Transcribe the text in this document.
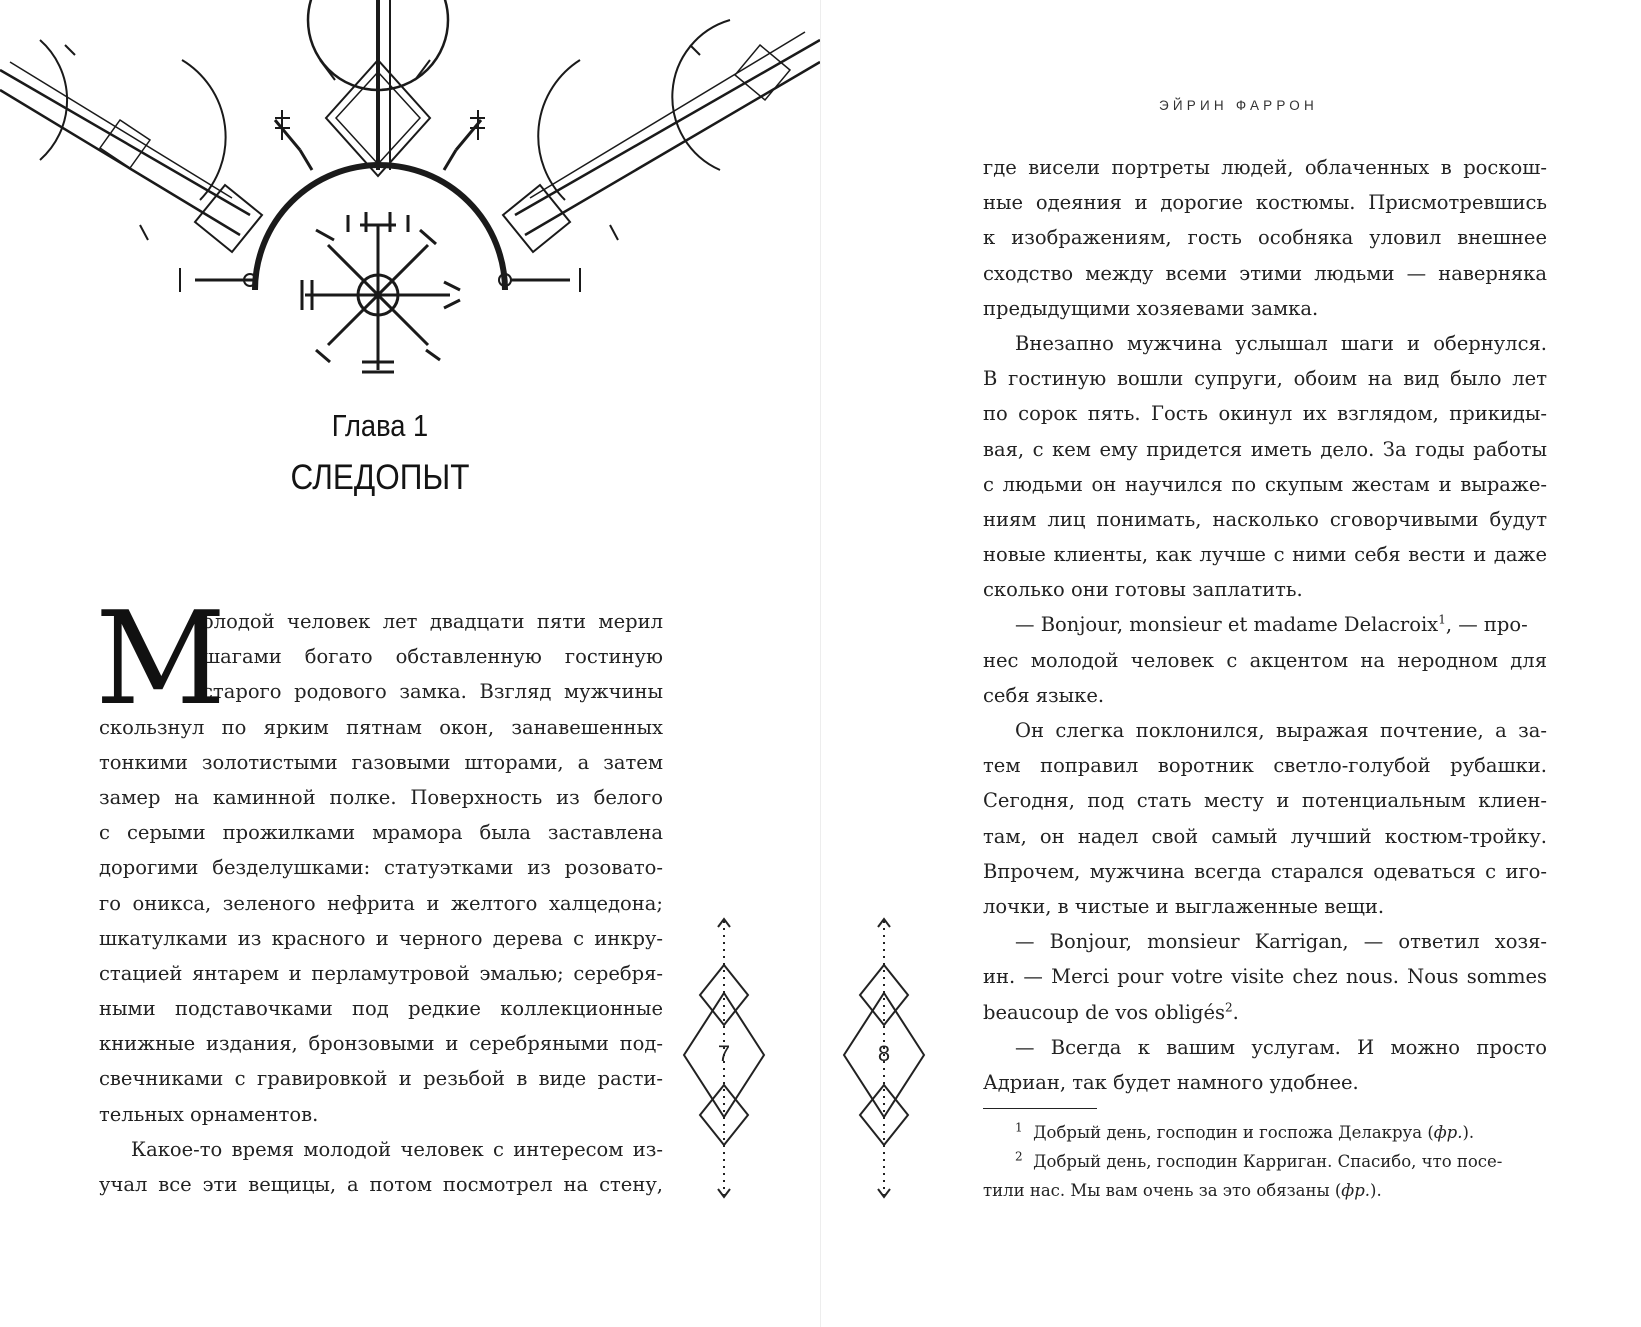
Глава 1
СЛЕДОПЫТ
М
олодой человек лет двадцати пяти мерил
шагами богато обставленную гостиную
старого родового замка. Взгляд мужчины
скользнул по ярким пятнам окон, занавешенных
тонкими золотистыми газовыми шторами, а затем
замер на каминной полке. Поверхность из белого
с серыми прожилками мрамора была заставлена
дорогими безделушками: статуэтками из розовато-
го оникса, зеленого нефрита и желтого халцедона;
шкатулками из красного и черного дерева с инкру-
стацией янтарем и перламутровой эмалью; серебря-
ными подставочками под редкие коллекционные
книжные издания, бронзовыми и серебряными под-
свечниками с гравировкой и резьбой в виде расти-
тельных орнаментов.
Какое-то время молодой человек с интересом из-
учал все эти вещицы, а потом посмотрел на стену,
7
ЭЙРИН ФАРРОН
где висели портреты людей, облаченных в роскош-
ные одеяния и дорогие костюмы. Присмотревшись
к изображениям, гость особняка уловил внешнее
сходство между всеми этими людьми — наверняка
предыдущими хозяевами замка.
Внезапно мужчина услышал шаги и обернулся.
В гостиную вошли супруги, обоим на вид было лет
по сорок пять. Гость окинул их взглядом, прикиды-
вая, с кем ему придется иметь дело. За годы работы
с людьми он научился по скупым жестам и выраже-
ниям лиц понимать, насколько сговорчивыми будут
новые клиенты, как лучше с ними себя вести и даже
сколько они готовы заплатить.
— Bonjour, monsieur et madame Delacroix$^1$, — про-
нес молодой человек с акцентом на неродном для
себя языке.
Он слегка поклонился, выражая почтение, а за-
тем поправил воротник светло-голубой рубашки.
Сегодня, под стать месту и потенциальным клиен-
там, он надел свой самый лучший костюм-тройку.
Впрочем, мужчина всегда старался одеваться с иго-
лочки, в чистые и выглаженные вещи.
— Bonjour, monsieur Karrigan, — ответил хозя-
ин. — Merci pour votre visite chez nous. Nous sommes
beaucoup de vos obligés$^2$.
— Всегда к вашим услугам. И можно просто
Адриан, так будет намного удобнее.
$^1$ Добрый день, господин и госпожа Делакруа (фр.).
$^2$ Добрый день, господин Карриган. Спасибо, что посе-
тили нас. Мы вам очень за это обязаны (фр.).
8
